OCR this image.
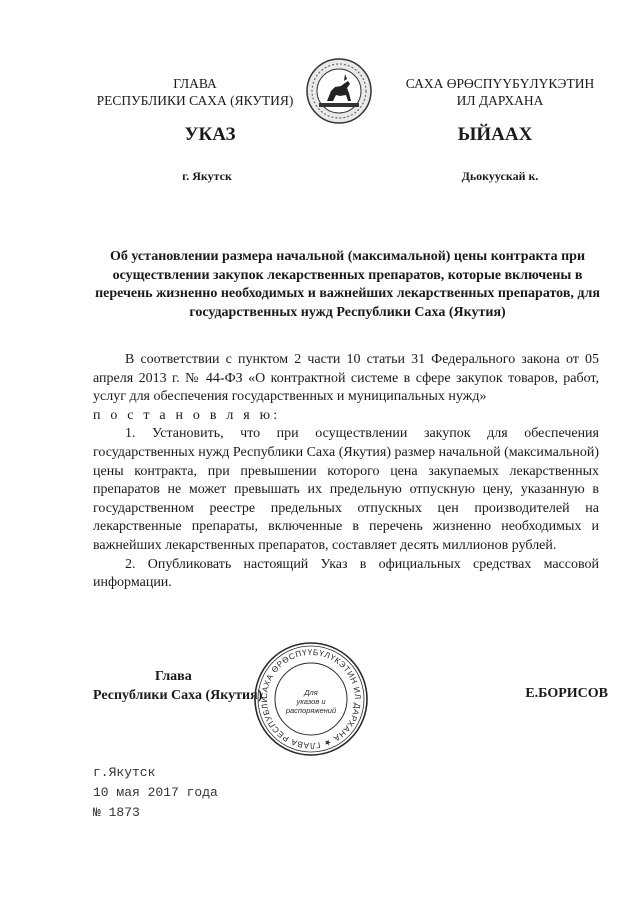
ГЛАВА
РЕСПУБЛИКИ САХА (ЯКУТИЯ)
САХА ӨРӨСПҮҮБҮЛҮКЭТИН
ИЛ ДАРХАНА
УКАЗ	ЫЙААХ
г. Якутск	Дьокуускай к.
Об установлении размера начальной (максимальной) цены контракта при осуществлении закупок лекарственных препаратов, которые включены в перечень жизненно необходимых и важнейших лекарственных препаратов, для государственных нужд Республики Саха (Якутия)

В соответствии с пунктом 2 части 10 статьи 31 Федерального закона от 05 апреля 2013 г. № 44-ФЗ «О контрактной системе в сфере закупок товаров, работ, услуг для обеспечения государственных и муниципальных нужд»

п о с т а н о в л я ю:

1. Установить, что при осуществлении закупок для обеспечения государственных нужд Республики Саха (Якутия) размер начальной (максимальной) цены контракта, при превышении которого цена закупаемых лекарственных препаратов не может превышать их предельную отпускную цену, указанную в государственном реестре предельных отпускных цен производителей на лекарственные препараты, включенные в перечень жизненно необходимых и важнейших лекарственных препаратов, составляет десять миллионов рублей.

2. Опубликовать настоящий Указ в официальных средствах массовой информации.

Глава
Республики Саха (Якутия)
САХА ӨРӨСПҮҮБҮЛҮКЭТИН ИЛ ДАРХАНА ★ ГЛАВА РЕСПУБЛИ
Для
указов и
распоряжений
Е.БОРИСОВ
г.Якутск
10 мая 2017 года
№ 1873
